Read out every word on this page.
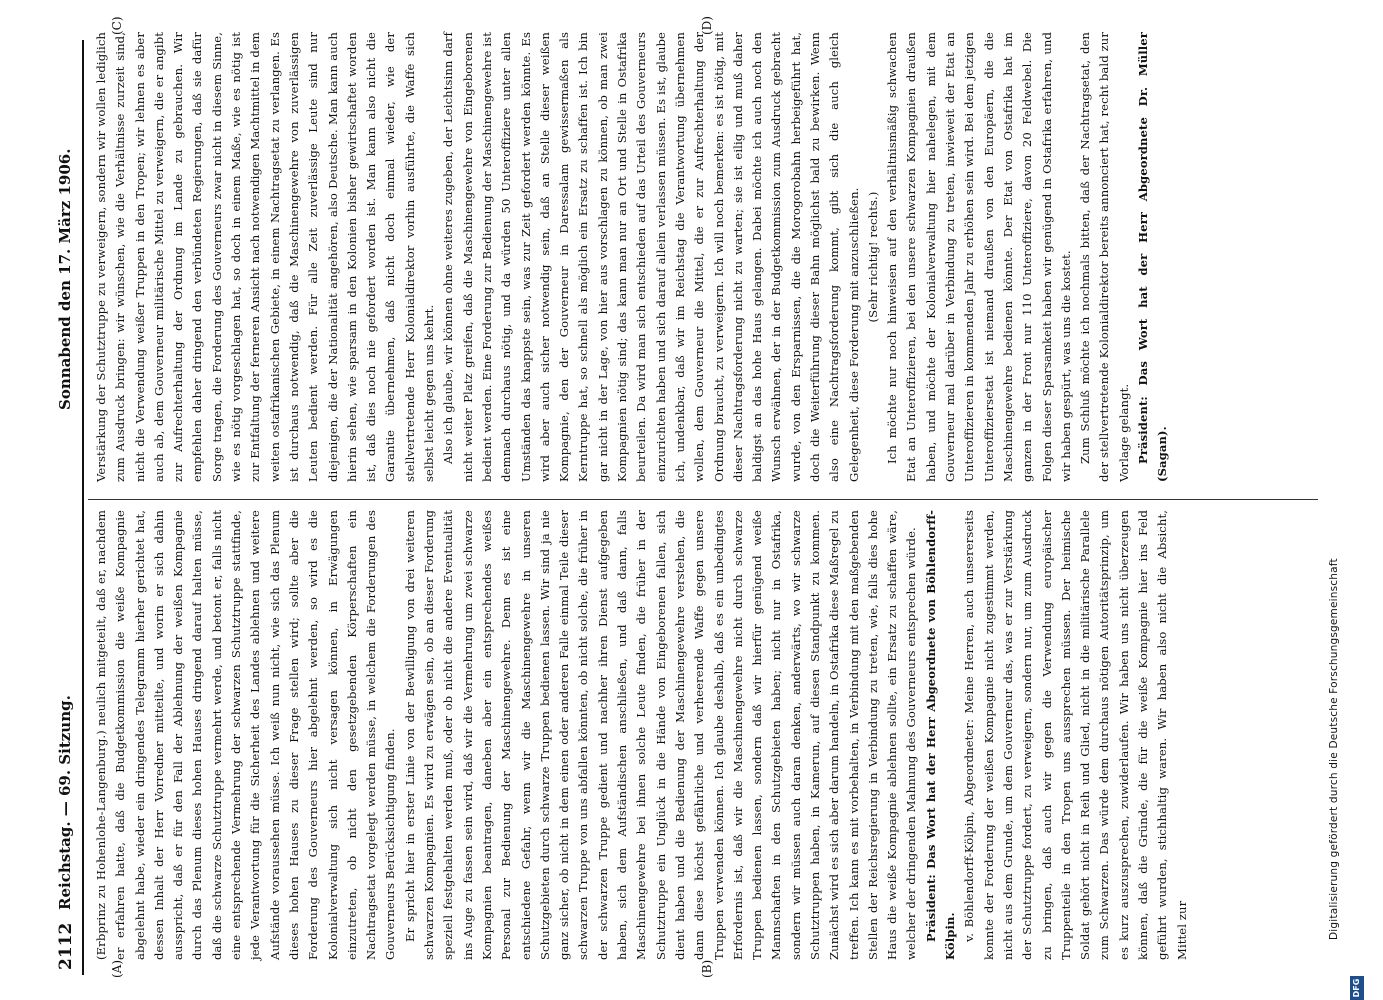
2112
Reichstag. — 69. Sitzung.
Sonnabend den 17. März 1906.
(A)	(B)
(C)	(D)

(Erbprinz zu Hohenlohe-Langenburg.) neulich mitgeteilt, daß er, nachdem er erfahren hatte, daß die Budgetkommission die weiße Kompagnie abgelehnt habe, wieder ein dringendes Telegramm hierher gerichtet hat, dessen Inhalt der Herr Vorredner mitteilte, und worin er sich dahin ausspricht, daß er für den Fall der Ablehnung der weißen Kompagnie durch das Plenum dieses hohen Hauses dringend darauf halten müsse, daß die schwarze Schutztruppe vermehrt werde, und betont er, falls nicht eine entsprechende Vermehrung der schwarzen Schutztruppe stattfinde, jede Verantwortung für die Sicherheit des Landes ablehnen und weitere Aufstände voraussehen müsse. Ich weiß nun nicht, wie sich das Plenum dieses hohen Hauses zu dieser Frage stellen wird; sollte aber die Forderung des Gouverneurs hier abgelehnt werden, so wird es die Kolonialverwaltung sich nicht versagen können, in Erwägungen einzutreten, ob nicht den gesetzgebenden Körperschaften ein Nachtragsetat vorgelegt werden müsse, in welchem die Forderungen des Gouverneurs Berücksichtigung finden. Er spricht hier in erster Linie von der Bewilligung von drei weiteren schwarzen Kompagnien. Es wird zu erwägen sein, ob an dieser Forderung speziell festgehalten werden muß, oder ob nicht die andere Eventualität ins Auge zu fassen sein wird, daß wir die Vermehrung um zwei schwarze Kompagnien beantragen, daneben aber ein entsprechendes weißes Personal zur Bedienung der Maschinengewehre. Denn es ist eine entschiedene Gefahr, wenn wir die Maschinengewehre in unseren Schutzgebieten durch schwarze Truppen bedienen lassen. Wir sind ja nie ganz sicher, ob nicht in dem einen oder anderen Falle einmal Teile dieser schwarzen Truppe von uns abfallen könnten, ob nicht solche, die früher in der schwarzen Truppe gedient und nachher ihren Dienst aufgegeben haben, sich dem Aufständischen anschließen, und daß dann, falls Maschinengewehre bei ihnen solche Leute finden, die früher in der Schutztruppe ein Unglück in die Hände von Eingeborenen fallen, sich dient haben und die Bedienung der Maschinengewehre verstehen, die dann diese höchst gefährliche und verheerende Waffe gegen unsere Truppen verwenden können. Ich glaube deshalb, daß es ein unbedingtes Erfordernis ist, daß wir die Maschinengewehre nicht durch schwarze Truppen bedienen lassen, sondern daß wir hierfür genügend weiße Mannschaften in den Schutzgebieten haben; nicht nur in Ostafrika, sondern wir müssen auch daran denken, anderwärts, wo wir schwarze Schutztruppen haben, in Kamerun, auf diesen Standpunkt zu kommen. Zunächst wird es sich aber darum handeln, in Ostafrika diese Maßregel zu treffen. Ich kann es mit vorbehalten, in Verbindung mit den maßgebenden Stellen der Reichsregierung in Verbindung zu treten, wie, falls dies hohe Haus die weiße Kompagnie ablehnen sollte, ein Ersatz zu schaffen wäre, welcher der dringenden Mahnung des Gouverneurs entsprechen würde. Präsident: Das Wort hat der Herr Abgeordnete von Böhlendorff-Kölpin. v. Böhlendorff-Kölpin, Abgeordneter: Meine Herren, auch unsererseits konnte der Forderung der weißen Kompagnie nicht zugestimmt werden, nicht aus dem Grunde, um dem Gouverneur das, was er zur Verstärkung der Schutztruppe fordert, zu verweigern, sondern nur, um zum Ausdruck zu bringen, daß auch wir gegen die Verwendung europäischer Truppenteile in den Tropen uns aussprechen müssen. Der heimische Soldat gehört nicht in Reih und Glied, nicht in die militärische Parallele zum Schwarzen. Das würde dem durchaus nötigen Autoritätsprinzip, um es kurz auszusprechen, zuwiderlaufen. Wir haben uns nicht überzeugen können, daß die Gründe, die für die weiße Kompagnie hier ins Feld geführt wurden, stichhaltig waren. Wir haben also nicht die Absicht, Mittel zur

Verstärkung der Schutztruppe zu verweigern, sondern wir wollen lediglich zum Ausdruck bringen: wir wünschen, wie die Verhältnisse zurzeit sind, nicht die Verwendung weißer Truppen in den Tropen; wir lehnen es aber auch ab, dem Gouverneur militärische Mittel zu verweigern, die er angibt zur Aufrechterhaltung der Ordnung im Lande zu gebrauchen. Wir empfehlen daher dringend den verbündeten Regierungen, daß sie dafür Sorge tragen, die Forderung des Gouverneurs zwar nicht in diesem Sinne, wie es nötig vorgeschlagen hat, so doch in einem Maße, wie es nötig ist zur Entfaltung der ferneren Ansicht nach notwendigen Machtmittel in dem weiten ostafrikanischen Gebiete, in einem Nachtragsetat zu verlangen. Es ist durchaus notwendig, daß die Maschinengewehre von zuverlässigen Leuten bedient werden. Für alle Zeit zuverlässige Leute sind nur diejenigen, die der Nationalität angehören, also Deutsche. Man kann auch hierin sehen, wie sparsam in den Kolonien bisher gewirtschaftet worden ist, daß dies noch nie gefordert worden ist. Man kann also nicht die Garantie übernehmen, daß nicht doch einmal wieder, wie der stellvertretende Herr Kolonialdirektor vorhin ausführte, die Waffe sich selbst leicht gegen uns kehrt. Also ich glaube, wir können ohne weiteres zugeben, der Leichtsinn darf nicht weiter Platz greifen, daß die Maschinengewehre von Eingeborenen bedient werden. Eine Forderung zur Bedienung der Maschinengewehre ist demnach durchaus nötig, und da würden 50 Unteroffiziere unter allen Umständen das knappste sein, was zur Zeit gefordert werden könnte. Es wird aber auch sicher notwendig sein, daß an Stelle dieser weißen Kompagnie, den der Gouverneur in Daressalam gewissermaßen als Kerntruppe hat, so schnell als möglich ein Ersatz zu schaffen ist. Ich bin gar nicht in der Lage, von hier aus vorschlagen zu können, ob man zwei Kompagnien nötig sind; das kann man nur an Ort und Stelle in Ostafrika beurteilen. Da wird man sich entschieden auf das Urteil des Gouverneurs einzurichten haben und sich darauf allein verlassen müssen. Es ist, glaube ich, undenkbar, daß wir im Reichstag die Verantwortung übernehmen wollen, dem Gouverneur die Mittel, die er zur Aufrechterhaltung der Ordnung braucht, zu verweigern. Ich will noch bemerken: es ist nötig, mit dieser Nachtragsforderung nicht zu warten; sie ist eilig und muß daher baldigst an das hohe Haus gelangen. Dabei möchte ich auch noch den Wunsch erwähnen, der in der Budgetkommission zum Ausdruck gebracht wurde, von den Ersparnissen, die die Morogorobahn herbeigeführt hat, doch die Weiterführung dieser Bahn möglichst bald zu bewirken. Wenn also eine Nachtragsforderung kommt, gibt sich die auch gleich Gelegenheit, diese Forderung mit anzuschließen. (Sehr richtig! rechts.) Ich möchte nur noch hinweisen auf den verhältnismäßig schwachen Etat an Unteroffizieren, bei den unsere schwarzen Kompagnien draußen haben, und möchte der Kolonialverwaltung hier nahelegen, mit dem Gouverneur mal darüber in Verbindung zu treten, inwieweit der Etat an Unteroffizieren in kommenden Jahr zu erhöhen sein wird. Bei dem jetzigen Unteroffiziersetat ist niemand draußen von den Europäern, die die Maschinengewehre bedienen könnte. Der Etat von Ostafrika hat im ganzen in der Front nur 110 Unteroffiziere, davon 20 Feldwebel. Die Folgen dieser Sparsamkeit haben wir genügend in Ostafrika erfahren, und wir haben gespürt, was uns die kostet. Zum Schluß möchte ich nochmals bitten, daß der Nachtragsetat, den der stellvertretende Kolonialdirektor bereits annonciert hat, recht bald zur Vorlage gelangt. Präsident: Das Wort hat der Herr Abgeordnete Dr. Müller (Sagan).

DFG
Digitalisierung gefördert durch die Deutsche Forschungsgemeinschaft
